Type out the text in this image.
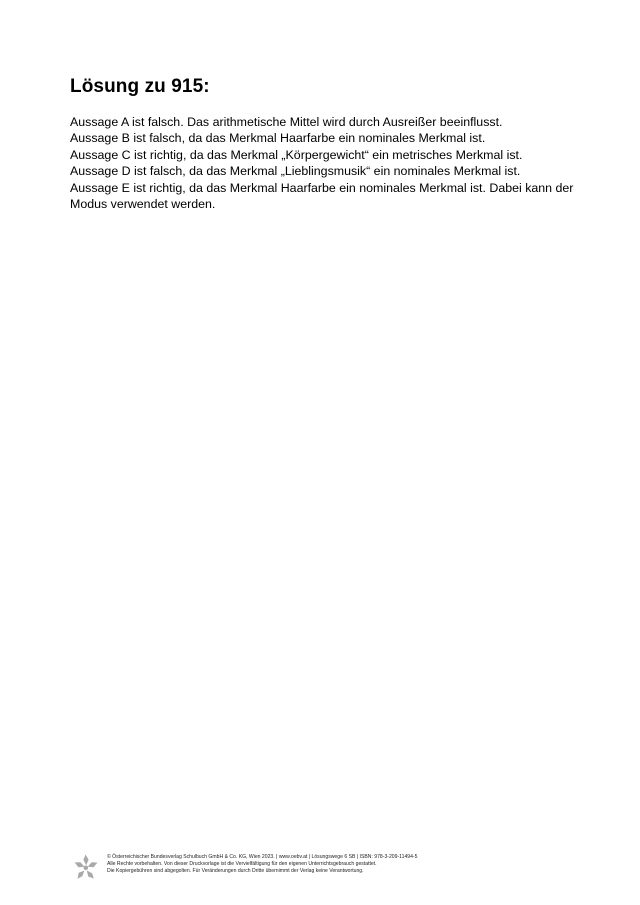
Lösung zu 915:

Aussage A ist falsch. Das arithmetische Mittel wird durch Ausreißer beeinflusst.

Aussage B ist falsch, da das Merkmal Haarfarbe ein nominales Merkmal ist.

Aussage C ist richtig, da das Merkmal „Körpergewicht“ ein metrisches Merkmal ist.

Aussage D ist falsch, da das Merkmal „Lieblingsmusik“ ein nominales Merkmal ist.

Aussage E ist richtig, da das Merkmal Haarfarbe ein nominales Merkmal ist. Dabei kann der Modus verwendet werden.

© Österreichischer Bundesverlag Schulbuch GmbH & Co. KG, Wien 2023. | www.oebv.at | Lösungswege 6 SB | ISBN: 978-3-209-11494-5
Alle Rechte vorbehalten. Von dieser Druckvorlage ist die Vervielfältigung für den eigenen Unterrichtsgebrauch gestattet.
Die Kopiergebühren sind abgegolten. Für Veränderungen durch Dritte übernimmt der Verlag keine Verantwortung.
